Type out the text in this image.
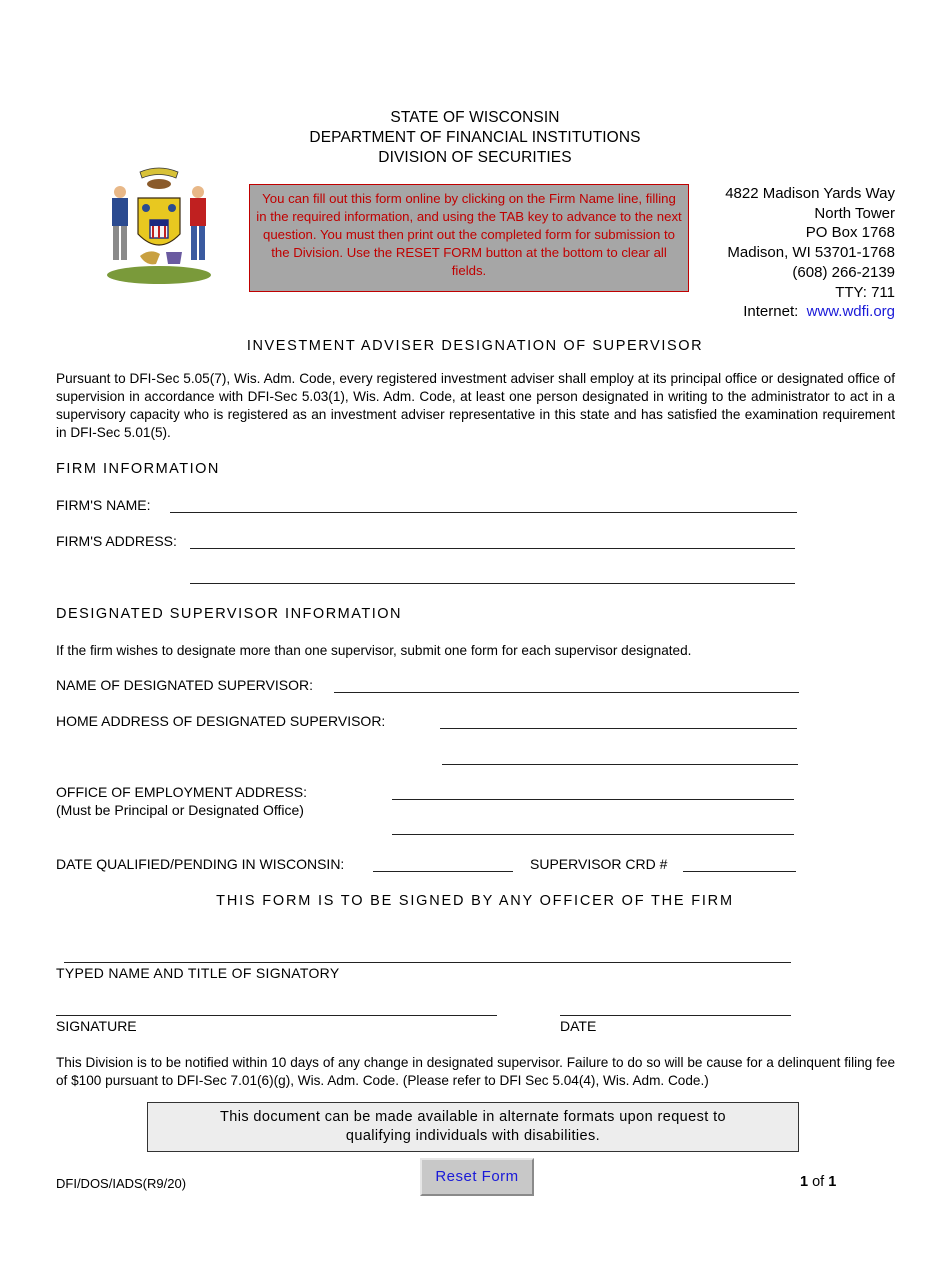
STATE OF WISCONSIN
DEPARTMENT OF FINANCIAL INSTITUTIONS
DIVISION OF SECURITIES
You can fill out this form online by clicking on the Firm Name line, filling in the required information, and using the TAB key to advance to the next question. You must then print out the completed form for submission to the Division. Use the RESET FORM button at the bottom to clear all fields.
4822 Madison Yards Way
North Tower
PO Box 1768
Madison, WI 53701-1768
(608) 266-2139
TTY: 711
Internet: www.wdfi.org
INVESTMENT ADVISER DESIGNATION OF SUPERVISOR
Pursuant to DFI-Sec 5.05(7), Wis. Adm. Code, every registered investment adviser shall employ at its principal office or designated office of supervision in accordance with DFI-Sec 5.03(1), Wis. Adm. Code, at least one person designated in writing to the administrator to act in a supervisory capacity who is registered as an investment adviser representative in this state and has satisfied the examination requirement in DFI-Sec 5.01(5).
FIRM INFORMATION
FIRM'S NAME:
FIRM'S ADDRESS:
DESIGNATED SUPERVISOR INFORMATION
If the firm wishes to designate more than one supervisor, submit one form for each supervisor designated.
NAME OF DESIGNATED SUPERVISOR:
HOME ADDRESS OF DESIGNATED SUPERVISOR:
OFFICE OF EMPLOYMENT ADDRESS:
(Must be Principal or Designated Office)
DATE QUALIFIED/PENDING IN WISCONSIN:	SUPERVISOR CRD #
THIS FORM IS TO BE SIGNED BY ANY OFFICER OF THE FIRM
TYPED NAME AND TITLE OF SIGNATORY
SIGNATURE	DATE
This Division is to be notified within 10 days of any change in designated supervisor. Failure to do so will be cause for a delinquent filing fee of $100 pursuant to DFI-Sec 7.01(6)(g), Wis. Adm. Code. (Please refer to DFI Sec 5.04(4), Wis. Adm. Code.)
This document can be made available in alternate formats upon request to
qualifying individuals with disabilities.
Reset Form
DFI/DOS/IADS(R9/20)	1 of 1
